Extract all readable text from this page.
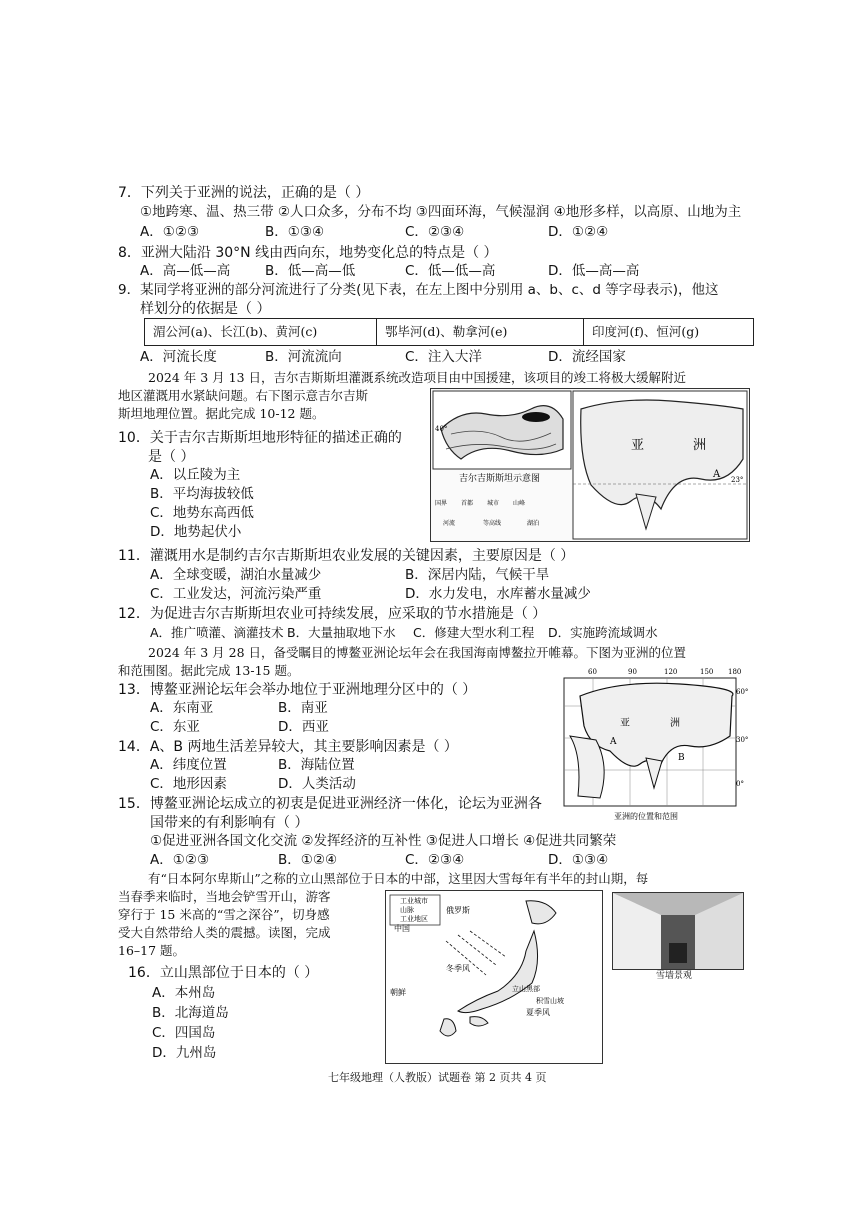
7．下列关于亚洲的说法，正确的是（ ）
①地跨寒、温、热三带 ②人口众多，分布不均 ③四面环海，气候湿润 ④地形多样，以高原、山地为主
A．①②③	B．①③④	C．②③④	D．①②④
8．亚洲大陆沿 30°N 线由西向东，地势变化总的特点是（ ）
A．高—低—高	B．低—高—低	C．低—低—高	D．低—高—高
9．某同学将亚洲的部分河流进行了分类(见下表，在左上图中分别用 a、b、c、d 等字母表示)，他这
样划分的依据是（ ）
湄公河(a)、长江(b)、黄河(c)	鄂毕河(d)、勒拿河(e)	印度河(f)、恒河(g)
A．河流长度	B．河流流向	C．注入大洋	D．流经国家
2024 年 3 月 13 日，吉尔吉斯斯坦灌溉系统改造项目由中国援建，该项目的竣工将极大缓解附近
地区灌溉用水紧缺问题。右下图示意吉尔吉斯
斯坦地理位置。据此完成 10-12 题。
40°
23°
亚	洲
A
吉尔吉斯斯坦示意图
国界 首都 城市 山峰
河流	等高线	湖泊
10．关于吉尔吉斯斯坦地形特征的描述正确的
是（ ）
A．以丘陵为主
B．平均海拔较低
C．地势东高西低
D．地势起伏小
11．灌溉用水是制约吉尔吉斯斯坦农业发展的关键因素，主要原因是（ ）
A．全球变暖，湖泊水量减少	B．深居内陆，气候干旱
C．工业发达，河流污染严重	D．水力发电，水库蓄水量减少
12．为促进吉尔吉斯斯坦农业可持续发展，应采取的节水措施是（ ）
A．推广喷灌、滴灌技术 B．大量抽取地下水 C．修建大型水利工程 D．实施跨流域调水
2024 年 3 月 28 日，备受瞩目的博鳌亚洲论坛年会在我国海南博鳌拉开帷幕。下图为亚洲的位置
和范围图。据此完成 13-15 题。	60	90	120	150 180
亚	洲
A
B
60°
30°
0°
亚洲的位置和范围
13．博鳌亚洲论坛年会举办地位于亚洲地理分区中的（ ）
A．东南亚	B．南亚
C．东亚	D．西亚
14．A、B 两地生活差异较大，其主要影响因素是（ ）
A．纬度位置	B．海陆位置
C．地形因素	D．人类活动
15．博鳌亚洲论坛成立的初衷是促进亚洲经济一体化，论坛为亚洲各
国带来的有利影响有（ ）
①促进亚洲各国文化交流 ②发挥经济的互补性 ③促进人口增长 ④促进共同繁荣
A．①②③	B．①②④	C．②③④	D．①③④
有“日本阿尔卑斯山”之称的立山黑部位于日本的中部，这里因大雪每年有半年的封山期，每
当春季来临时，当地会铲雪开山，游客
穿行于 15 米高的“雪之深谷”，切身感
受大自然带给人类的震撼。读图，完成
16–17 题。
工业城市
山脉
工业地区
俄罗斯
中国
朝鲜
冬季风
夏季风
立山黑部
积雪山坡
雪墙景观
16．立山黑部位于日本的（ ）
A．本州岛
B．北海道岛
C．四国岛
D．九州岛
七年级地理（人教版）试题卷 第 2 页共 4 页
